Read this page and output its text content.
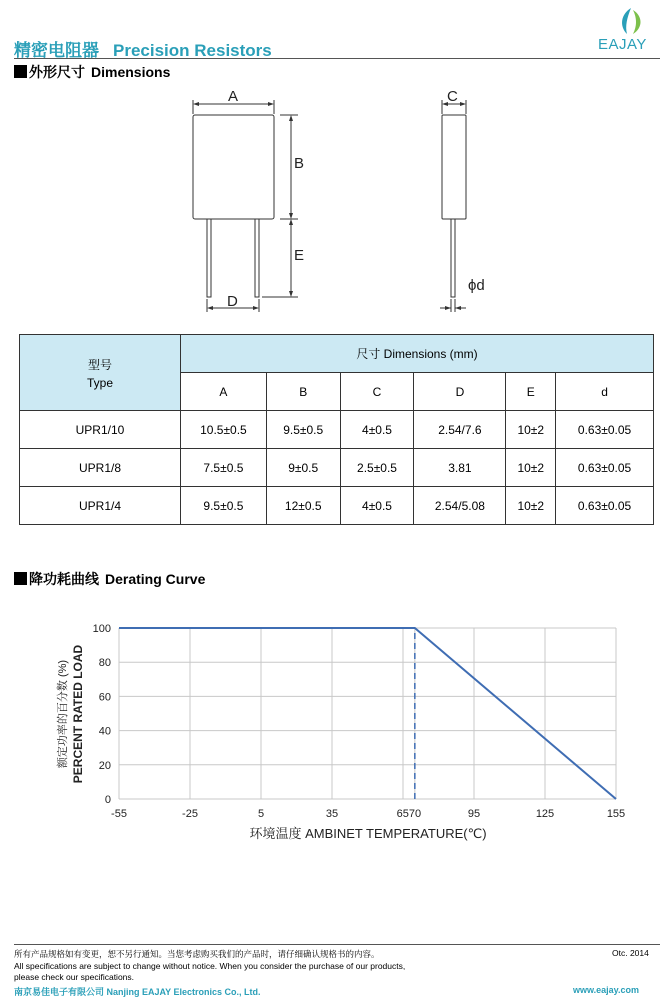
精密电阻器 Precision Resistors	EAJAY
外形尺寸 Dimensions
A
B
C
E
D
ϕd
型号
Type	尺寸 Dimensions (mm)					
	A	B	C	D	E	d
UPR1/10	10.5±0.5	9.5±0.5	4±0.5	2.54/7.6	10±2	0.63±0.05
UPR1/8	7.5±0.5	9±0.5	2.5±0.5	3.81	10±2	0.63±0.05
UPR1/4	9.5±0.5	12±0.5	4±0.5	2.54/5.08	10±2	0.63±0.05
降功耗曲线 Derating Curve
0
20
40
60
80
100
-55	-25	5	35	6570	95	125	155
环境温度 AMBINET TEMPERATURE(℃)
PERCENT RATED LOAD
额定功率的百分数 (%)
所有产品规格如有变更，恕不另行通知。当您考虑购买我们的产品时，请仔细确认规格书的内容。
All specifications are subject to change without notice. When you consider the purchase of our products,
please check our specifications.
南京易佳电子有限公司 Nanjing EAJAY Electronics Co., Ltd.
Otc. 2014
www.eajay.com
